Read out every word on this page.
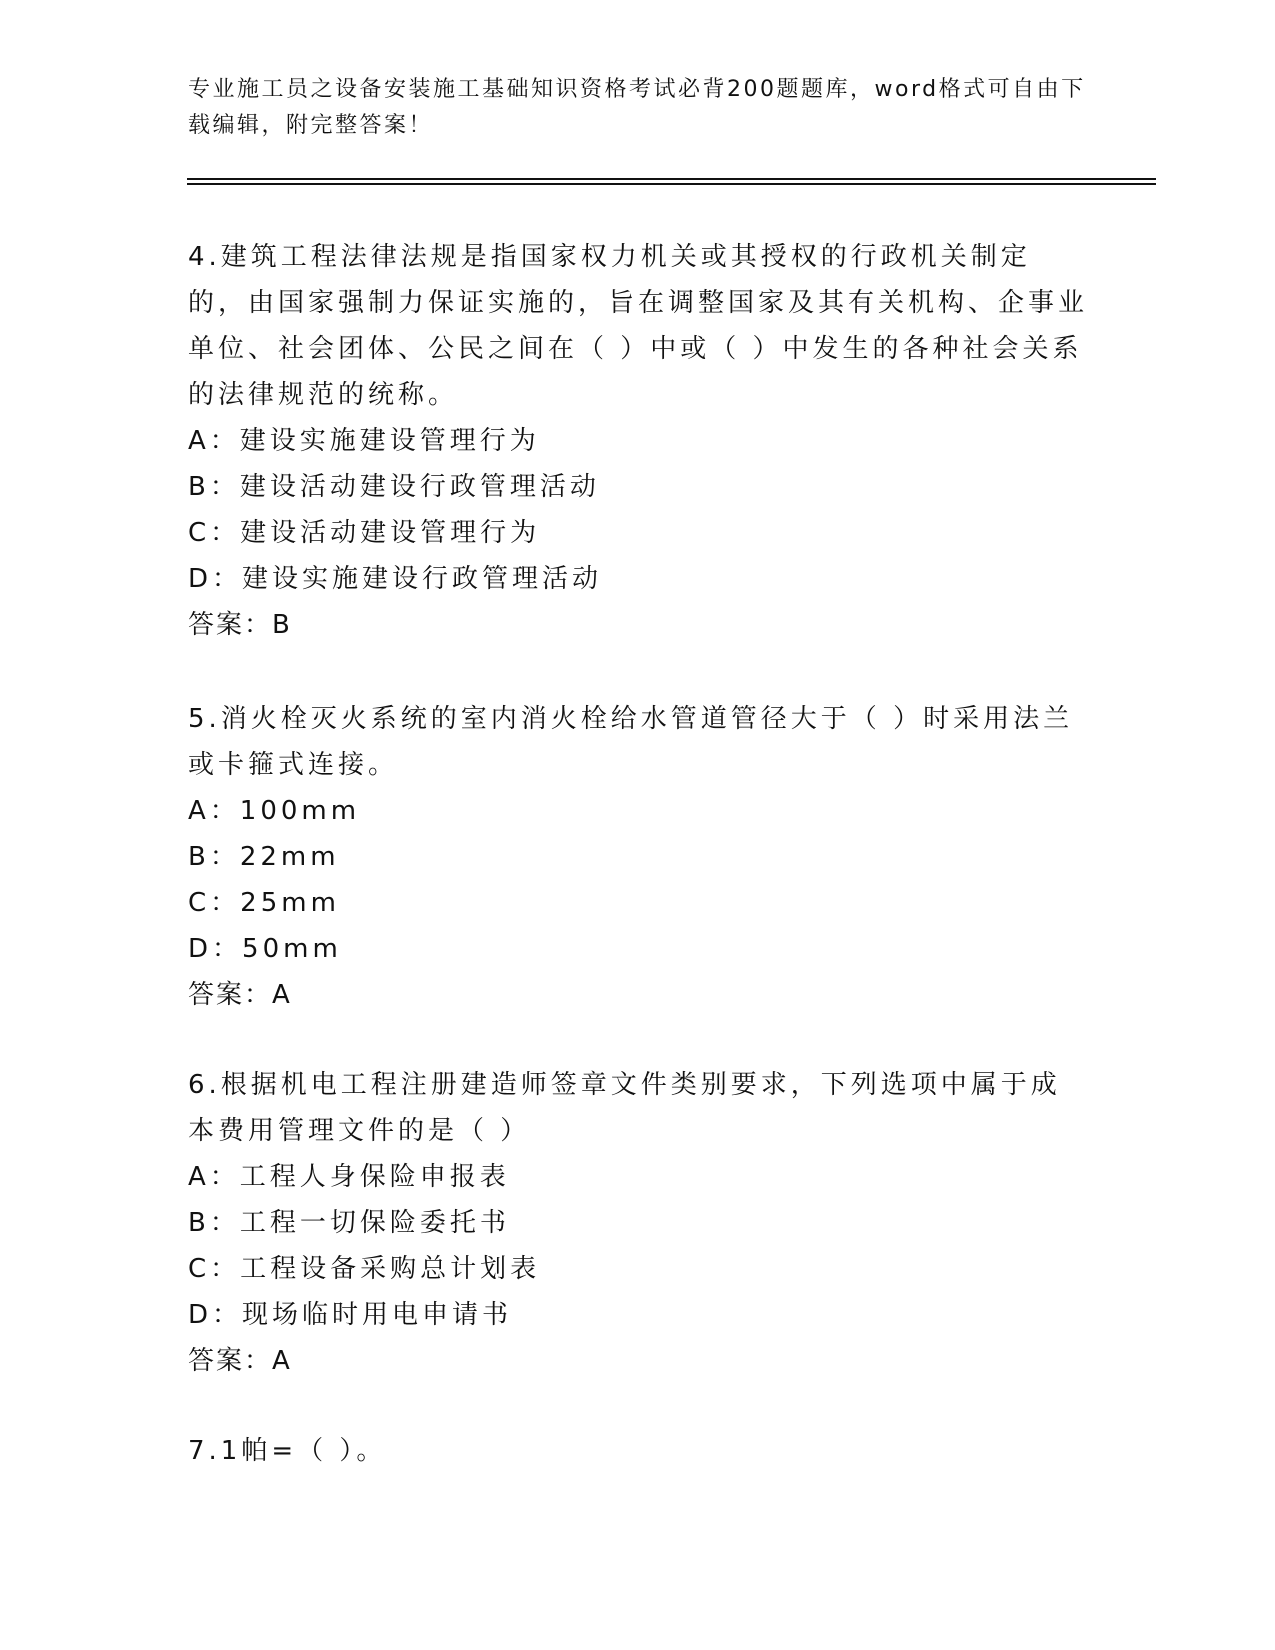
专业施工员之设备安装施工基础知识资格考试必背200题题库，word格式可自由下载编辑，附完整答案！
4.建筑工程法律法规是指国家权力机关或其授权的行政机关制定的，由国家强制力保证实施的，旨在调整国家及其有关机构、企事业单位、社会团体、公民之间在（ ）中或（ ）中发生的各种社会关系的法律规范的统称。
A：建设实施建设管理行为
B：建设活动建设行政管理活动
C：建设活动建设管理行为
D：建设实施建设行政管理活动
答案：B
5.消火栓灭火系统的室内消火栓给水管道管径大于（ ）时采用法兰或卡箍式连接。
A：100mm
B：22mm
C：25mm
D：50mm
答案：A
6.根据机电工程注册建造师签章文件类别要求，下列选项中属于成本费用管理文件的是（ ）
A：工程人身保险申报表
B：工程一切保险委托书
C：工程设备采购总计划表
D：现场临时用电申请书
答案：A
7.1帕=（ ）。
